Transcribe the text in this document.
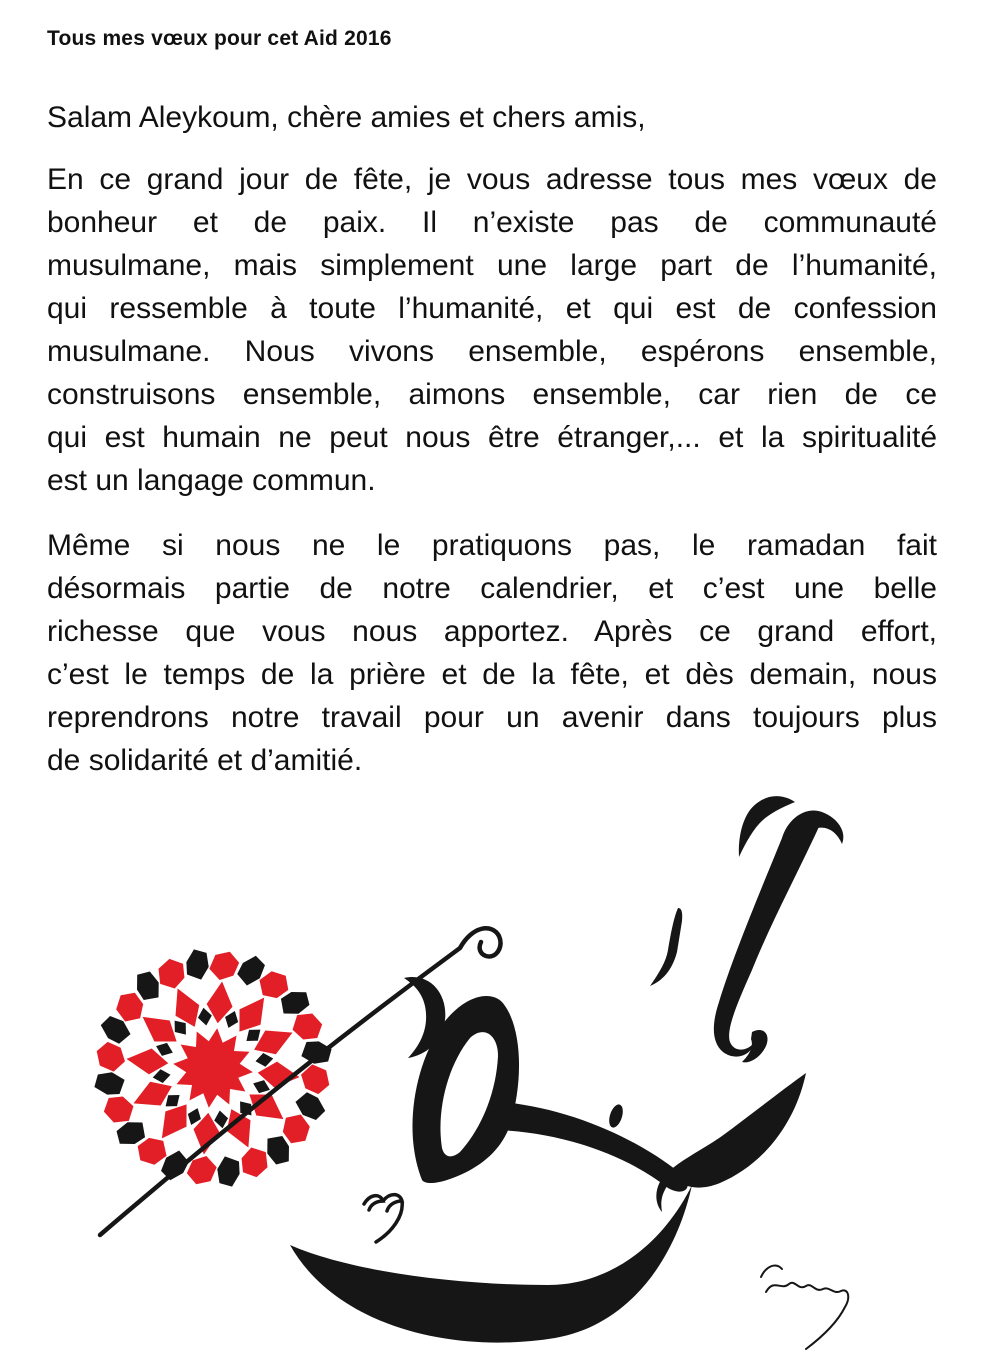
Tous mes vœux pour cet Aid 2016

Salam Aleykoum, chère amies et chers amis,

En ce grand jour de fête, je vous adresse tous mes vœux de
bonheur et de paix. Il n’existe pas de communauté
musulmane, mais simplement une large part de l’humanité,
qui ressemble à toute l’humanité, et qui est de confession
musulmane. Nous vivons ensemble, espérons ensemble,
construisons ensemble, aimons ensemble, car rien de ce
qui est humain ne peut nous être étranger,... et la spiritualité
est un langage commun.
Même si nous ne le pratiquons pas, le ramadan fait
désormais partie de notre calendrier, et c’est une belle
richesse que vous nous apportez. Après ce grand effort,
c’est le temps de la prière et de la fête, et dès demain, nous
reprendrons notre travail pour un avenir dans toujours plus
de solidarité et d’amitié.
